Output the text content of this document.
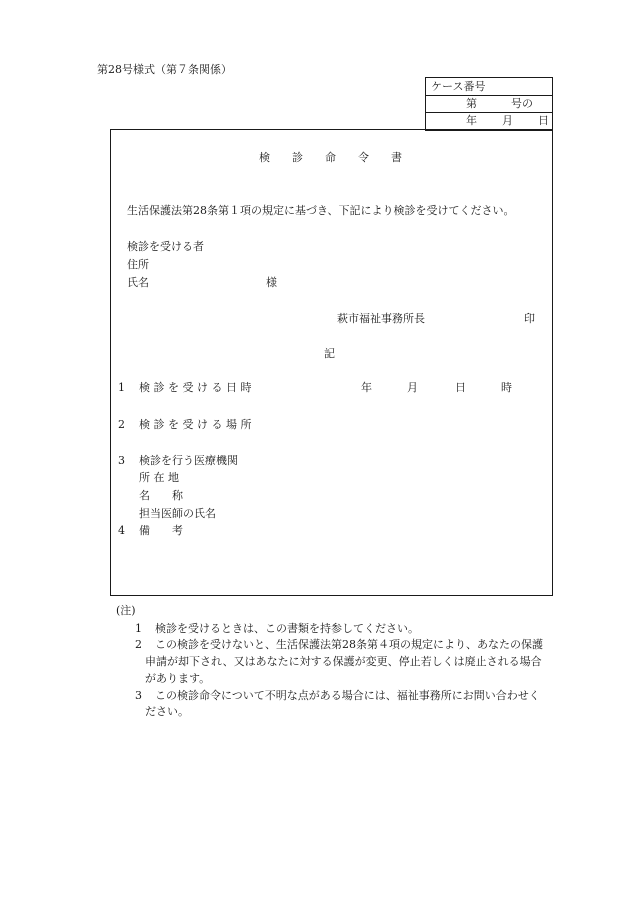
第28号様式（第７条関係）
ケース番号
第	号の
年 月 日
検　　診　　命　　令　　書
生活保護法第28条第１項の規定に基づき、下記により検診を受けてください。
検診を受ける者
住所
氏名	様
萩市福祉事務所長	印
記
1 検 診 を 受 け る 日 時	年	月	日	時
2 検 診 を 受 け る 場 所
3 検診を行う医療機関
所 在 地
名　　称
担当医師の氏名
4 備　　考
(注)
1 検診を受けるときは、この書類を持参してください。
2 この検診を受けないと、生活保護法第28条第４項の規定により、あなたの保護
申請が却下され、又はあなたに対する保護が変更、停止若しくは廃止される場合
があります。
3 この検診命令について不明な点がある場合には、福祉事務所にお問い合わせく
ださい。
